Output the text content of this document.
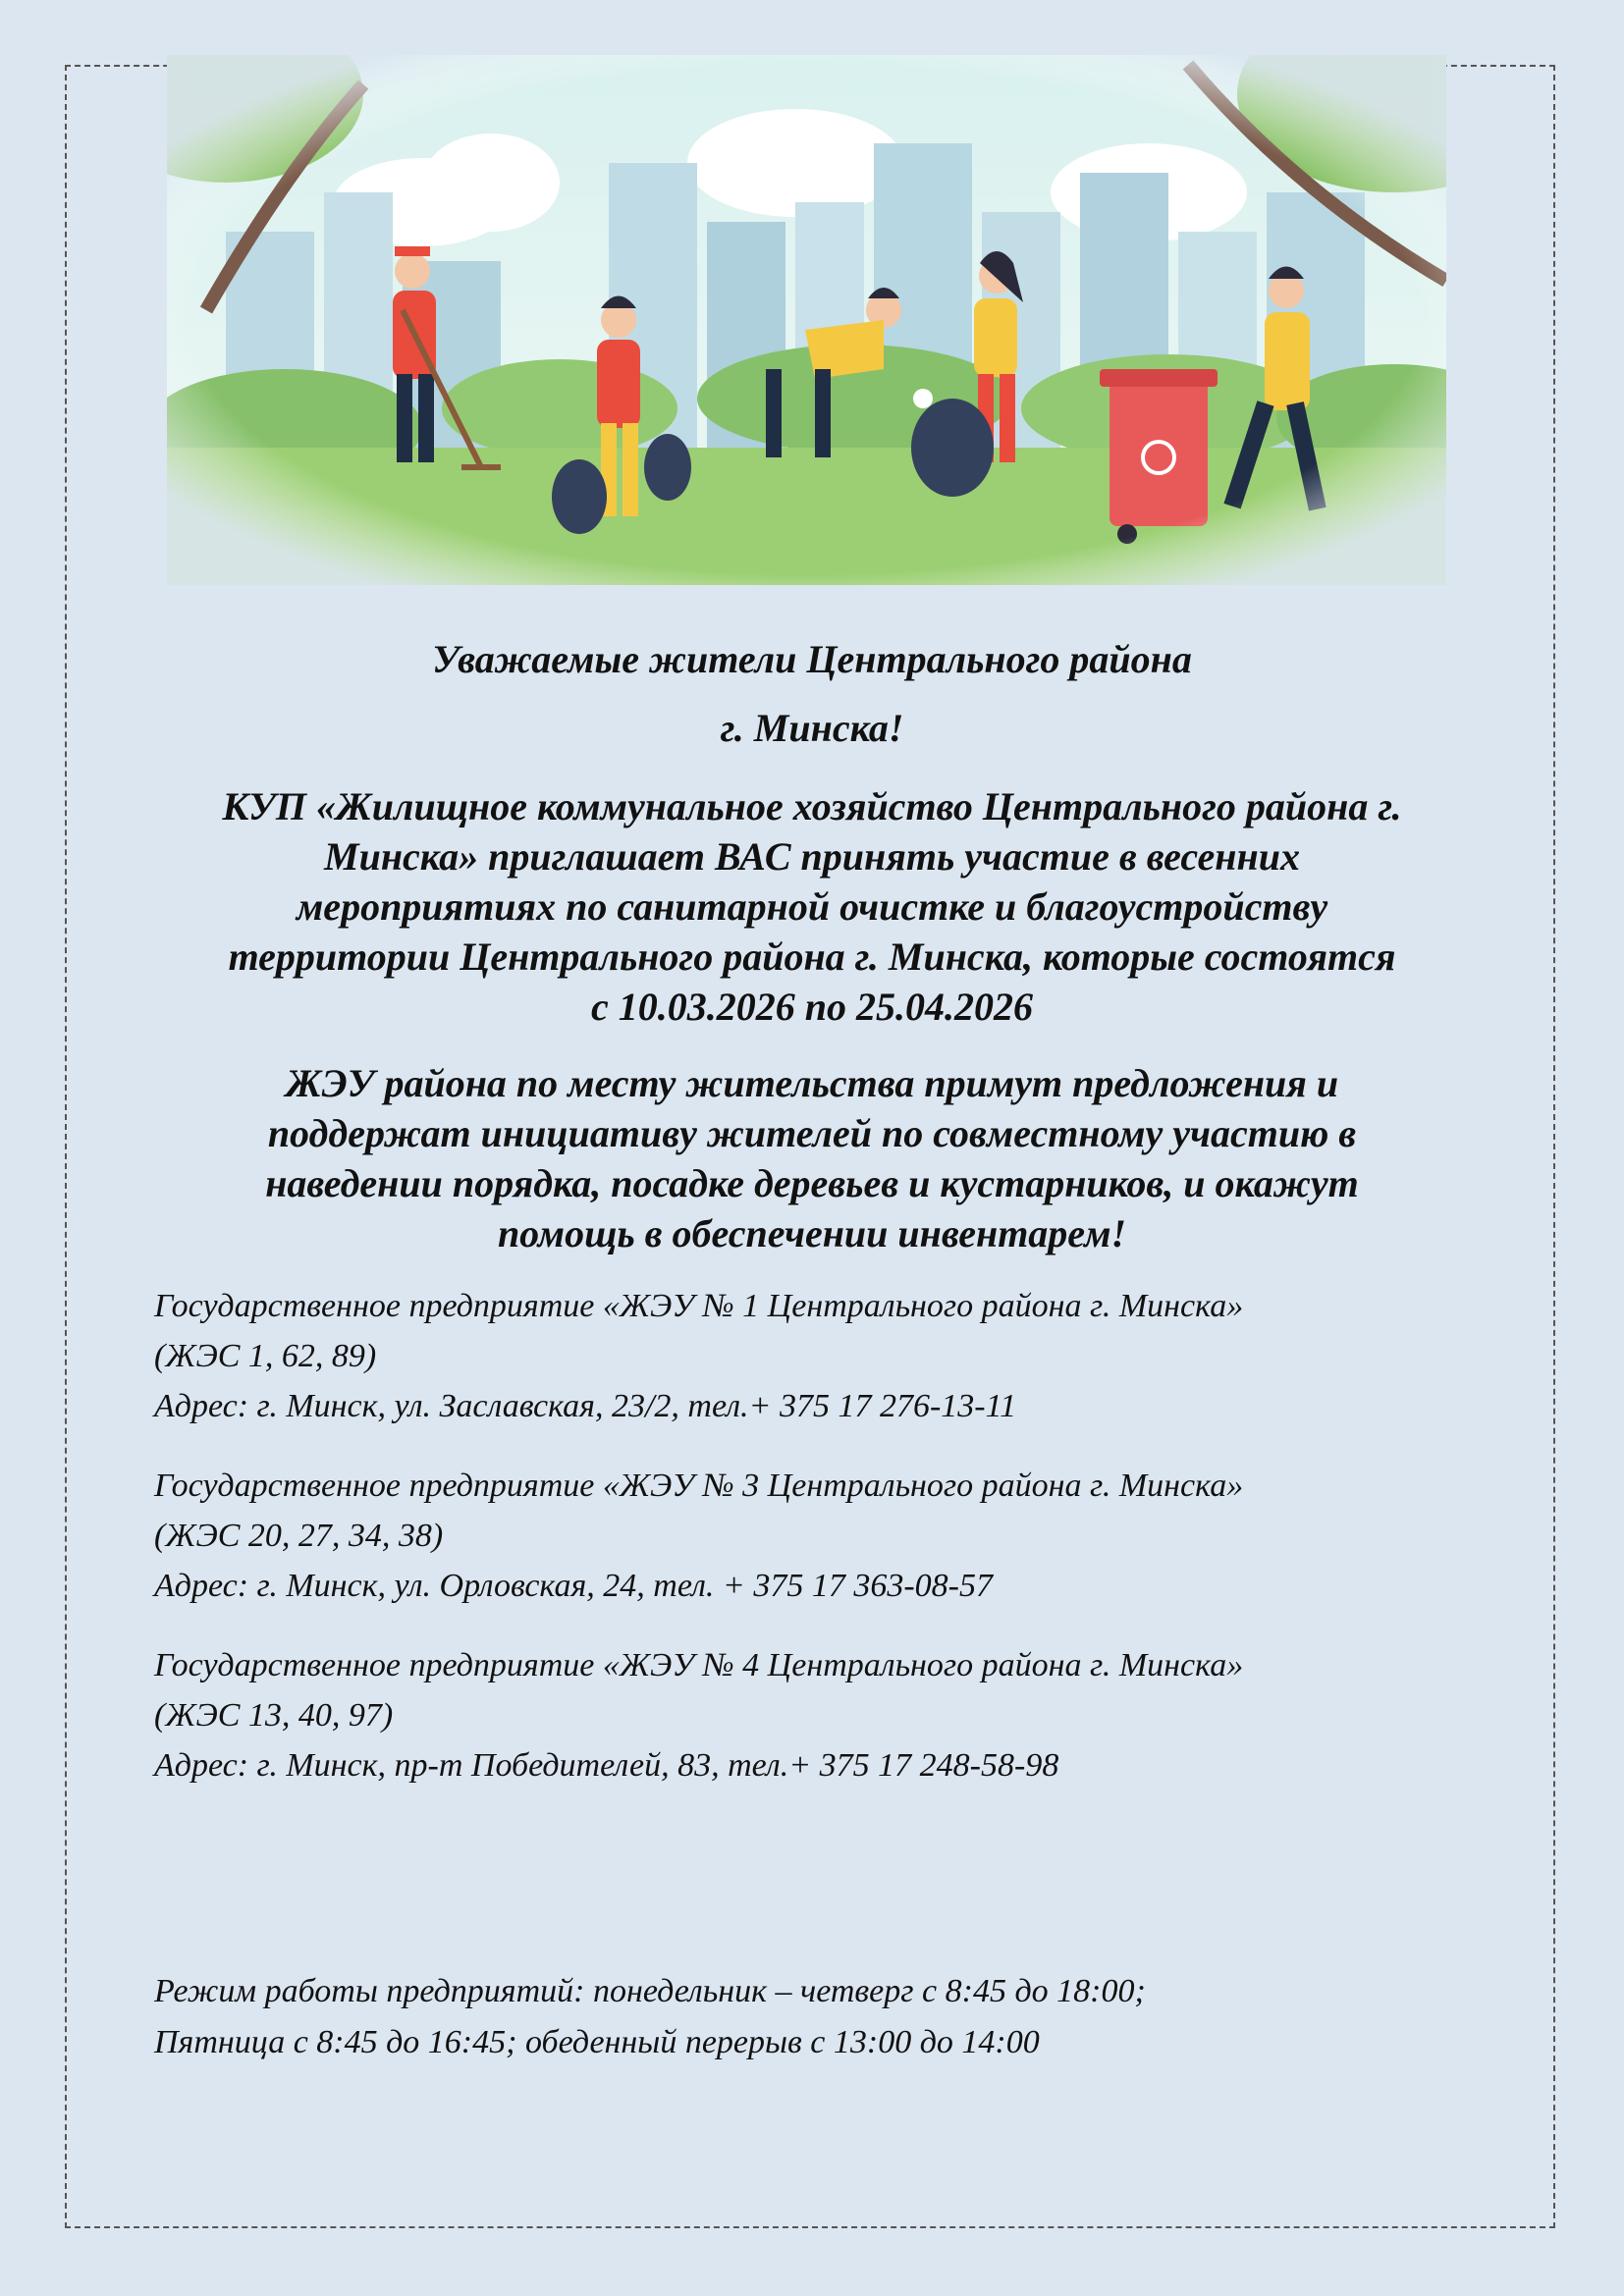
Уважаемые жители Центрального района
г. Минска!
КУП «Жилищное коммунальное хозяйство Центрального района г.
Минска» приглашает ВАС принять участие в весенних
мероприятиях по санитарной очистке и благоустройству
территории Центрального района г. Минска, которые состоятся
с 10.03.2026 по 25.04.2026
ЖЭУ района по месту жительства примут предложения и
поддержат инициативу жителей по совместному участию в
наведении порядка, посадке деревьев и кустарников, и окажут
помощь в обеспечении инвентарем!
Государственное предприятие «ЖЭУ № 1 Центрального района г. Минска»
(ЖЭС 1, 62, 89)
Адрес: г. Минск, ул. Заславская, 23/2, тел.+ 375 17 276-13-11
Государственное предприятие «ЖЭУ № 3 Центрального района г. Минска»
(ЖЭС 20, 27, 34, 38)
Адрес: г. Минск, ул. Орловская, 24, тел. + 375 17 363-08-57
Государственное предприятие «ЖЭУ № 4 Центрального района г. Минска»
(ЖЭС 13, 40, 97)
Адрес: г. Минск, пр-т Победителей, 83, тел.+ 375 17 248-58-98
Режим работы предприятий: понедельник – четверг с 8:45 до 18:00;
Пятница с 8:45 до 16:45; обеденный перерыв с 13:00 до 14:00
